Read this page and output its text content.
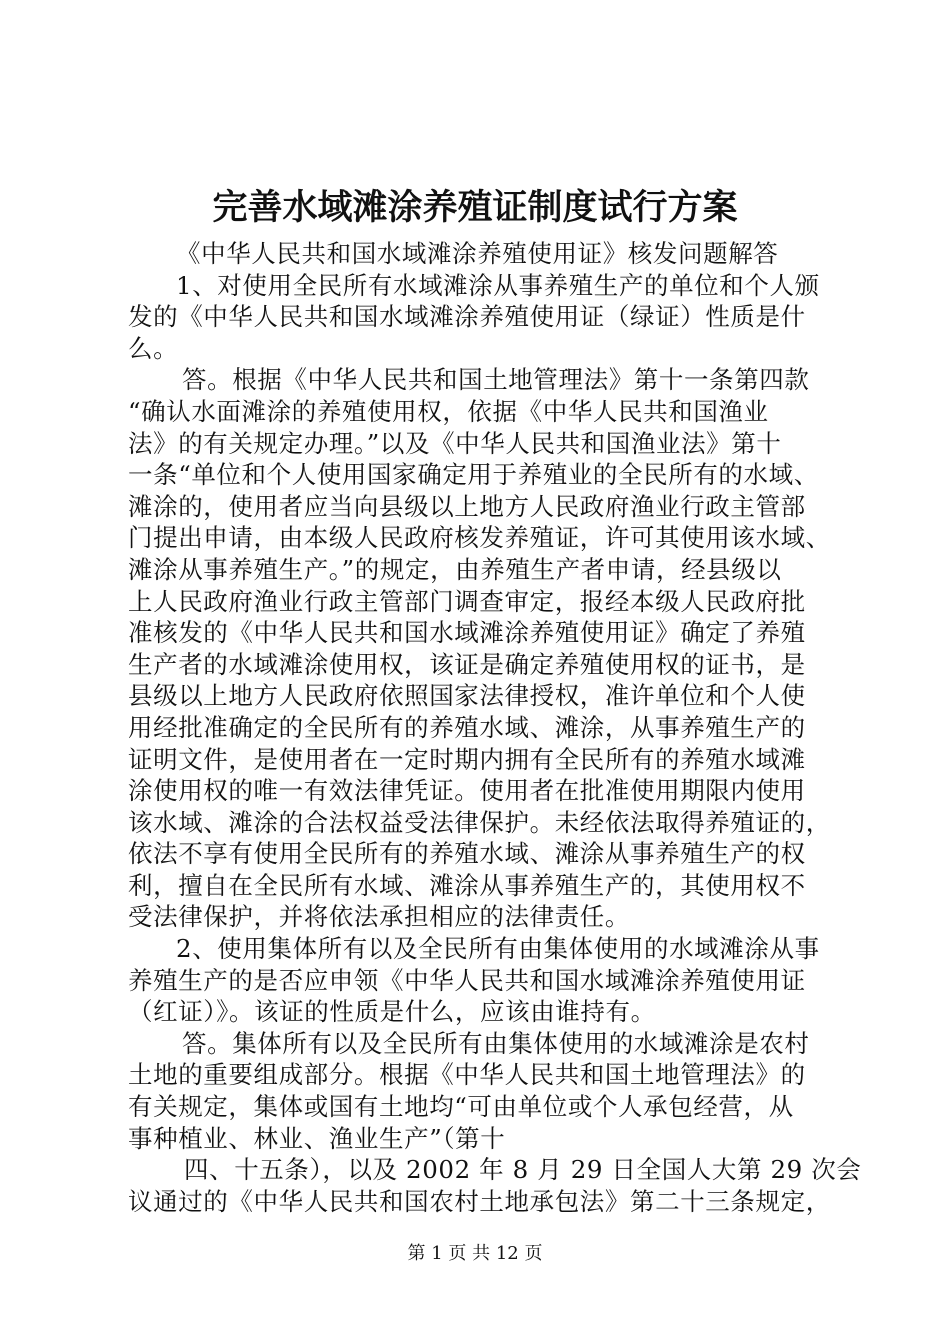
完善水域滩涂养殖证制度试行方案
《中华人民共和国水域滩涂养殖使用证》核发问题解答
1、对使用全民所有水域滩涂从事养殖生产的单位和个人颁
发的《中华人民共和国水域滩涂养殖使用证（绿证）性质是什
么。
答。根据《中华人民共和国土地管理法》第十一条第四款
“确认水面滩涂的养殖使用权，依据《中华人民共和国渔业
法》的有关规定办理。”以及《中华人民共和国渔业法》第十
一条“单位和个人使用国家确定用于养殖业的全民所有的水域、
滩涂的，使用者应当向县级以上地方人民政府渔业行政主管部
门提出申请，由本级人民政府核发养殖证，许可其使用该水域、
滩涂从事养殖生产。”的规定，由养殖生产者申请，经县级以
上人民政府渔业行政主管部门调查审定，报经本级人民政府批
准核发的《中华人民共和国水域滩涂养殖使用证》确定了养殖
生产者的水域滩涂使用权，该证是确定养殖使用权的证书，是
县级以上地方人民政府依照国家法律授权，准许单位和个人使
用经批准确定的全民所有的养殖水域、滩涂，从事养殖生产的
证明文件，是使用者在一定时期内拥有全民所有的养殖水域滩
涂使用权的唯一有效法律凭证。使用者在批准使用期限内使用
该水域、滩涂的合法权益受法律保护。未经依法取得养殖证的，
依法不享有使用全民所有的养殖水域、滩涂从事养殖生产的权
利，擅自在全民所有水域、滩涂从事养殖生产的，其使用权不
受法律保护，并将依法承担相应的法律责任。
2、使用集体所有以及全民所有由集体使用的水域滩涂从事
养殖生产的是否应申领《中华人民共和国水域滩涂养殖使用证
（红证）》。该证的性质是什么，应该由谁持有。
答。集体所有以及全民所有由集体使用的水域滩涂是农村
土地的重要组成部分。根据《中华人民共和国土地管理法》的
有关规定，集体或国有土地均“可由单位或个人承包经营，从
事种植业、林业、渔业生产”（第十
四、十五条），以及 2002 年 8 月 29 日全国人大第 29 次会
议通过的《中华人民共和国农村土地承包法》第二十三条规定，
第 1 页 共 12 页
